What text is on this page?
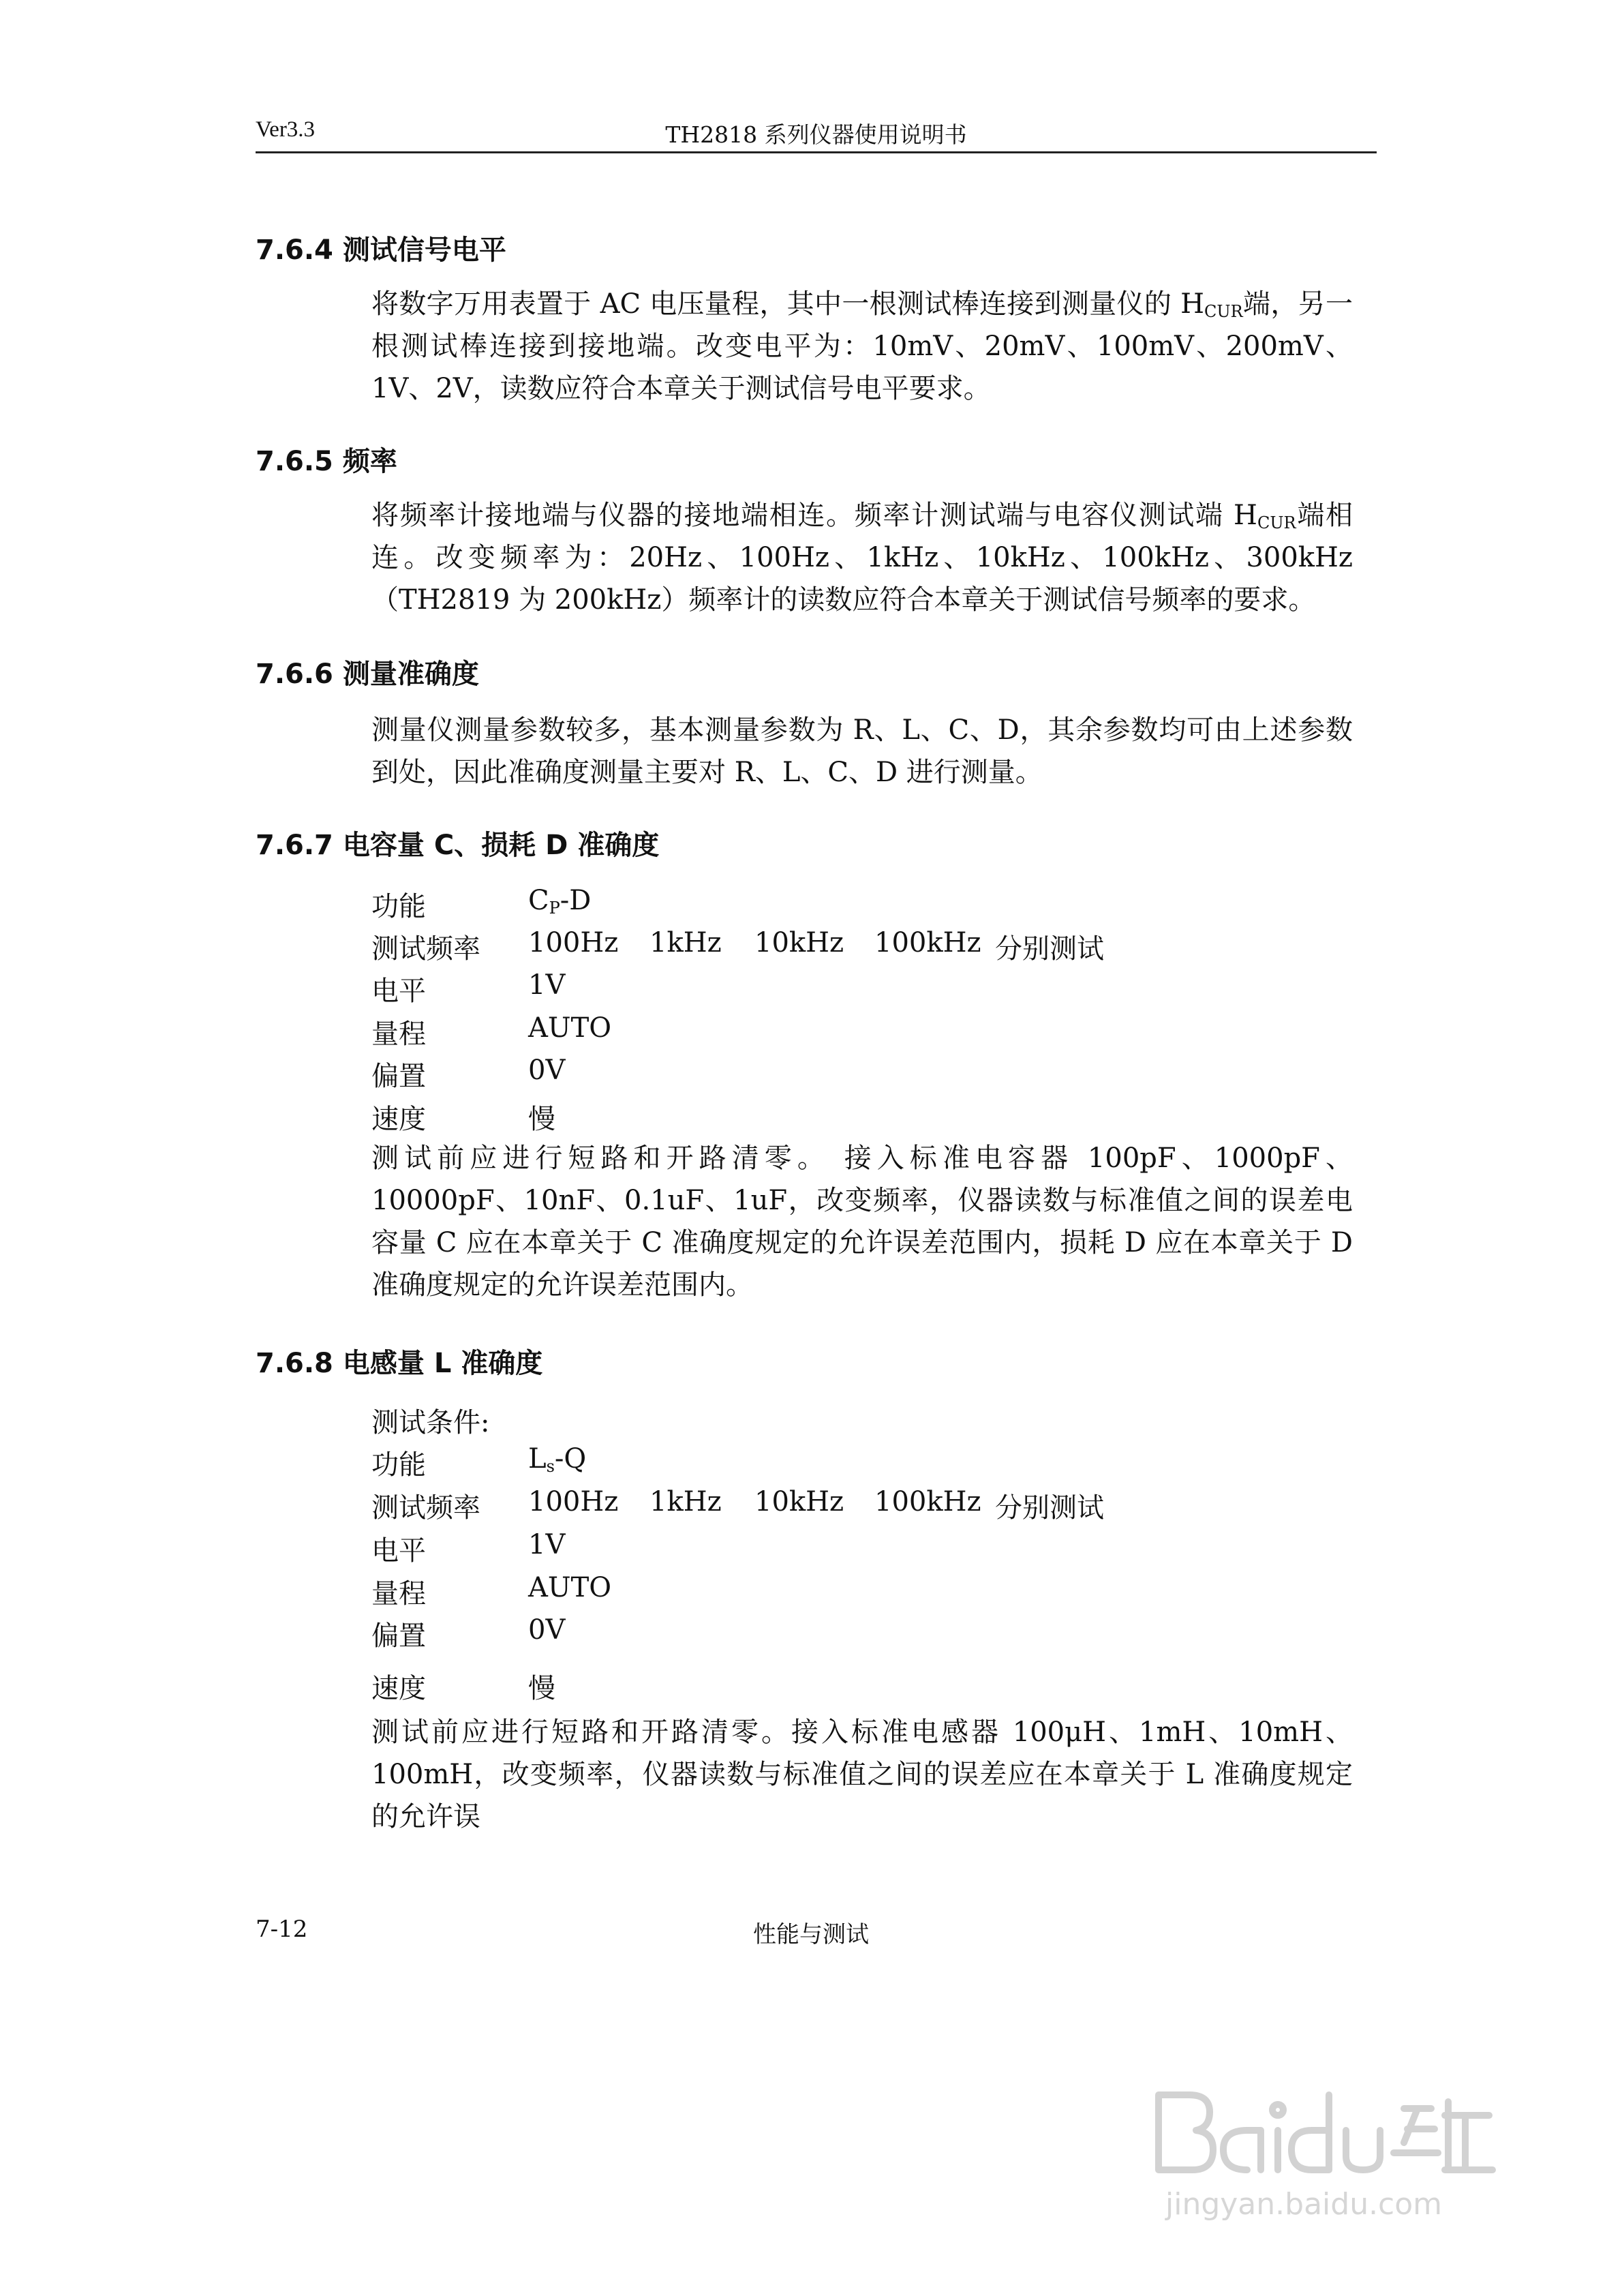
Ver3.3	TH2818 系列仪器使用说明书
7.6.4 测试信号电平

将数字万用表置于 AC 电压量程，其中一根测试棒连接到测量仪的 $H_{CUR}$端，另一根测试棒连接到接地端。改变电平为：10mV、20mV、100mV、200mV、1V、2V，读数应符合本章关于测试信号电平要求。

7.6.5 频率

将频率计接地端与仪器的接地端相连。频率计测试端与电容仪测试端 $H_{CUR}$端相连。改变频率为：20Hz、100Hz、1kHz、10kHz、100kHz、300kHz（TH2819 为 200kHz）频率计的读数应符合本章关于测试信号频率的要求。

7.6.6 测量准确度

测量仪测量参数较多，基本测量参数为 R、L、C、D，其余参数均可由上述参数到处，因此准确度测量主要对 R、L、C、D 进行测量。

7.6.7 电容量 C、损耗 D 准确度
功能	$C_P-D$
测试频率 100Hz 1kHz 10kHz 100kHz 分别测试
电平	1V
量程	AUTO
偏置	0V
速度	慢

测试前应进行短路和开路清零。 接入标准电容器 100pF、1000pF、10000pF、10nF、0.1uF、1uF，改变频率，仪器读数与标准值之间的误差电容量 C 应在本章关于 C 准确度规定的允许误差范围内，损耗 D 应在本章关于 D 准确度规定的允许误差范围内。

7.6.8 电感量 L 准确度
测试条件:
功能	$L_s-Q$
测试频率 100Hz 1kHz 10kHz 100kHz 分别测试
电平	1V
量程	AUTO
偏置	0V
速度	慢

测试前应进行短路和开路清零。接入标准电感器 100μH、1mH、10mH、100mH，改变频率，仪器读数与标准值之间的误差应在本章关于 L 准确度规定的允许误

7-12	性能与测试
jingyan.baidu.com
